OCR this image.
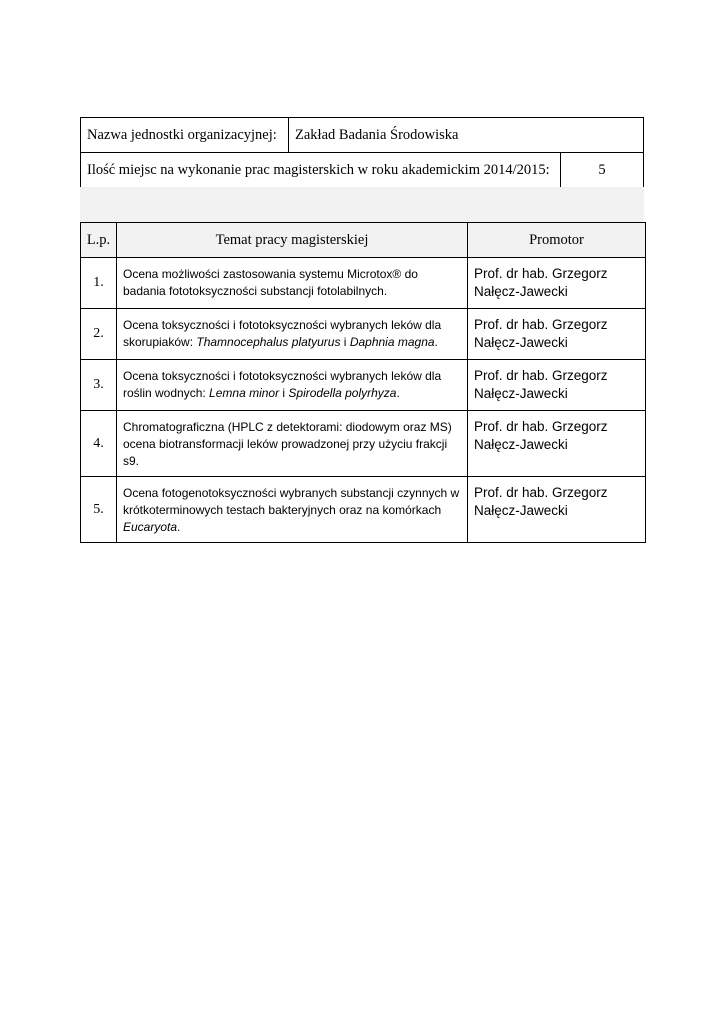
Nazwa jednostki organizacyjnej:	Zakład Badania Środowiska	
Ilość miejsc na wykonanie prac magisterskich w roku akademickim 2014/2015:		5
L.p.	Temat pracy magisterskiej	Promotor
1.	Ocena możliwości zastosowania systemu Microtox® do badania fototoksyczności substancji fotolabilnych.	Prof. dr hab. Grzegorz Nałęcz-Jawecki
2.	Ocena toksyczności i fototoksyczności wybranych leków dla skorupiaków: Thamnocephalus platyurus i Daphnia magna.	Prof. dr hab. Grzegorz Nałęcz-Jawecki
3.	Ocena toksyczności i fototoksyczności wybranych leków dla roślin wodnych: Lemna minor i Spirodella polyrhyza.	Prof. dr hab. Grzegorz Nałęcz-Jawecki
4.	Chromatograficzna (HPLC z detektorami: diodowym oraz MS) ocena biotransformacji leków prowadzonej przy użyciu frakcji s9.	Prof. dr hab. Grzegorz Nałęcz-Jawecki
5.	Ocena fotogenotoksyczności wybranych substancji czynnych w krótkoterminowych testach bakteryjnych oraz na komórkach Eucaryota.	Prof. dr hab. Grzegorz Nałęcz-Jawecki
